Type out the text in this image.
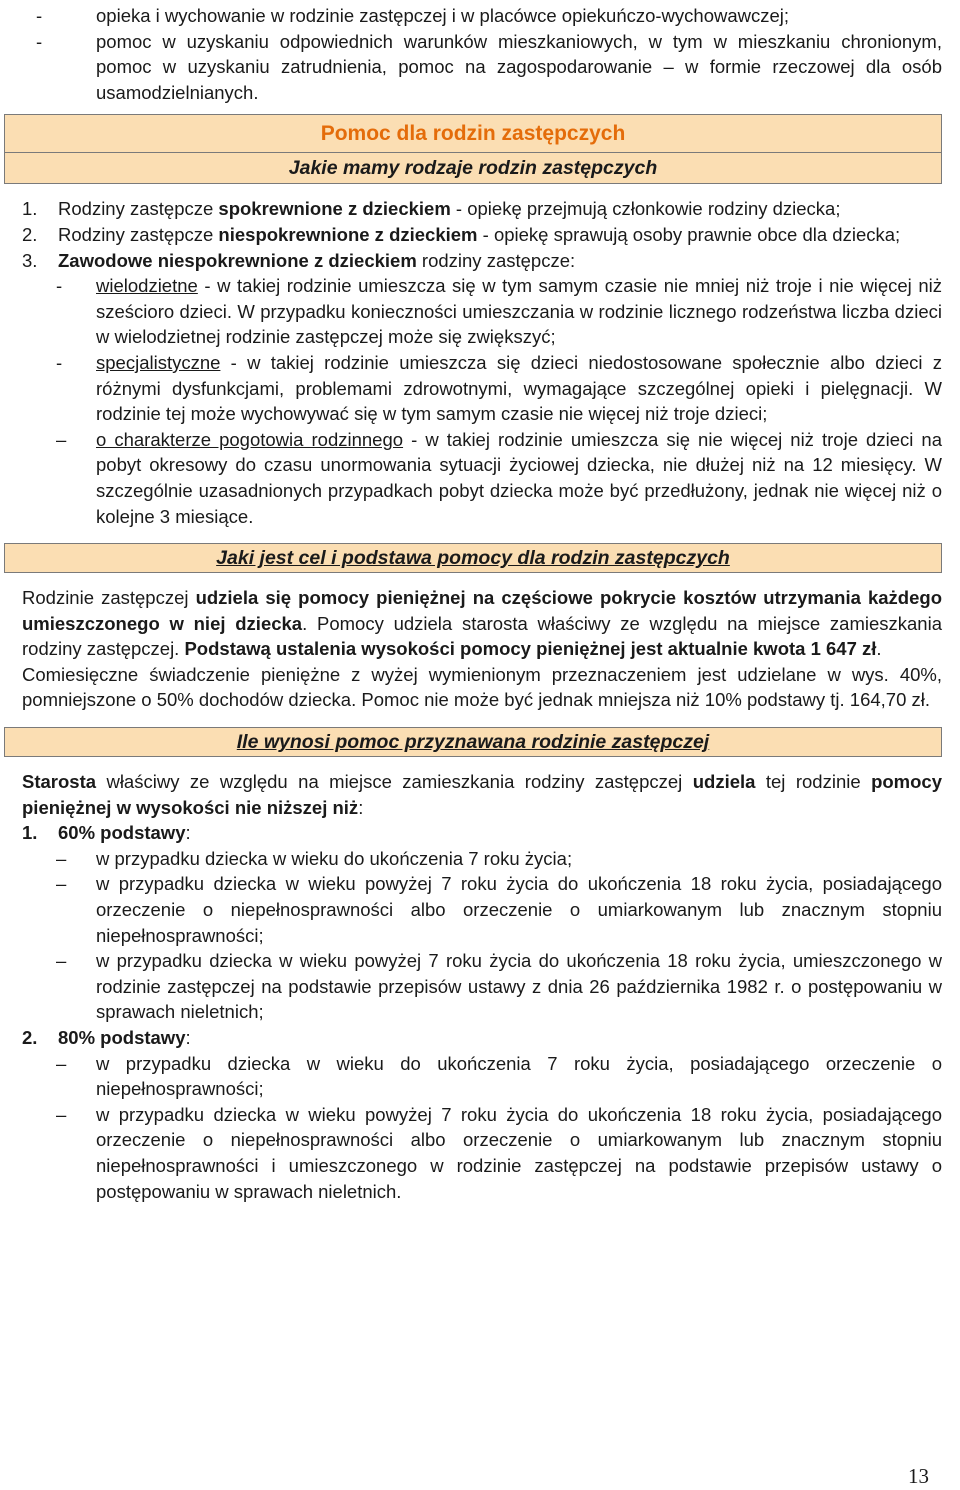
-	opieka i wychowanie w rodzinie zastępczej i w placówce opiekuńczo-wychowawczej;
-	pomoc w uzyskaniu odpowiednich warunków mieszkaniowych, w tym w mieszkaniu chronionym, pomoc w uzyskaniu zatrudnienia, pomoc na zagospodarowanie – w formie rzeczowej dla osób usamodzielnianych.
Pomoc dla rodzin zastępczych
Jakie mamy rodzaje rodzin zastępczych
1. Rodziny zastępcze spokrewnione z dzieckiem - opiekę przejmują członkowie rodziny dziecka;
2. Rodziny zastępcze niespokrewnione z dzieckiem - opiekę sprawują osoby prawnie obce dla dziecka;
3. Zawodowe niespokrewnione z dzieckiem rodziny zastępcze:
- wielodzietne - w takiej rodzinie umieszcza się w tym samym czasie nie mniej niż troje i nie więcej niż sześcioro dzieci. W przypadku konieczności umieszczania w rodzinie licznego rodzeństwa liczba dzieci w wielodzietnej rodzinie zastępczej może się zwiększyć;
- specjalistyczne - w takiej rodzinie umieszcza się dzieci niedostosowane społecznie albo dzieci z różnymi dysfunkcjami, problemami zdrowotnymi, wymagające szczególnej opieki i pielęgnacji. W rodzinie tej może wychowywać się w tym samym czasie nie więcej niż troje dzieci;
– o charakterze pogotowia rodzinnego - w takiej rodzinie umieszcza się nie więcej niż troje dzieci na pobyt okresowy do czasu unormowania sytuacji życiowej dziecka, nie dłużej niż na 12 miesięcy. W szczególnie uzasadnionych przypadkach pobyt dziecka może być przedłużony, jednak nie więcej niż o kolejne 3 miesiące.
Jaki jest cel i podstawa pomocy dla rodzin zastępczych

Rodzinie zastępczej udziela się pomocy pieniężnej na częściowe pokrycie kosztów utrzymania każdego umieszczonego w niej dziecka. Pomocy udziela starosta właściwy ze względu na miejsce zamieszkania rodziny zastępczej. Podstawą ustalenia wysokości pomocy pieniężnej jest aktualnie kwota 1 647 zł.

Comiesięczne świadczenie pieniężne z wyżej wymienionym przeznaczeniem jest udzielane w wys. 40%, pomniejszone o 50% dochodów dziecka. Pomoc nie może być jednak mniejsza niż 10% podstawy tj. 164,70 zł.

Ile wynosi pomoc przyznawana rodzinie zastępczej

Starosta właściwy ze względu na miejsce zamieszkania rodziny zastępczej udziela tej rodzinie pomocy pieniężnej w wysokości nie niższej niż:

1. 60% podstawy:
– w przypadku dziecka w wieku do ukończenia 7 roku życia;
– w przypadku dziecka w wieku powyżej 7 roku życia do ukończenia 18 roku życia, posiadającego orzeczenie o niepełnosprawności albo orzeczenie o umiarkowanym lub znacznym stopniu niepełnosprawności;
– w przypadku dziecka w wieku powyżej 7 roku życia do ukończenia 18 roku życia, umieszczonego w rodzinie zastępczej na podstawie przepisów ustawy z dnia 26 października 1982 r. o postępowaniu w sprawach nieletnich;
2. 80% podstawy:
– w przypadku dziecka w wieku do ukończenia 7 roku życia, posiadającego orzeczenie o niepełnosprawności;
– w przypadku dziecka w wieku powyżej 7 roku życia do ukończenia 18 roku życia, posiadającego orzeczenie o niepełnosprawności albo orzeczenie o umiarkowanym lub znacznym stopniu niepełnosprawności i umieszczonego w rodzinie zastępczej na podstawie przepisów ustawy o postępowaniu w sprawach nieletnich.
13
